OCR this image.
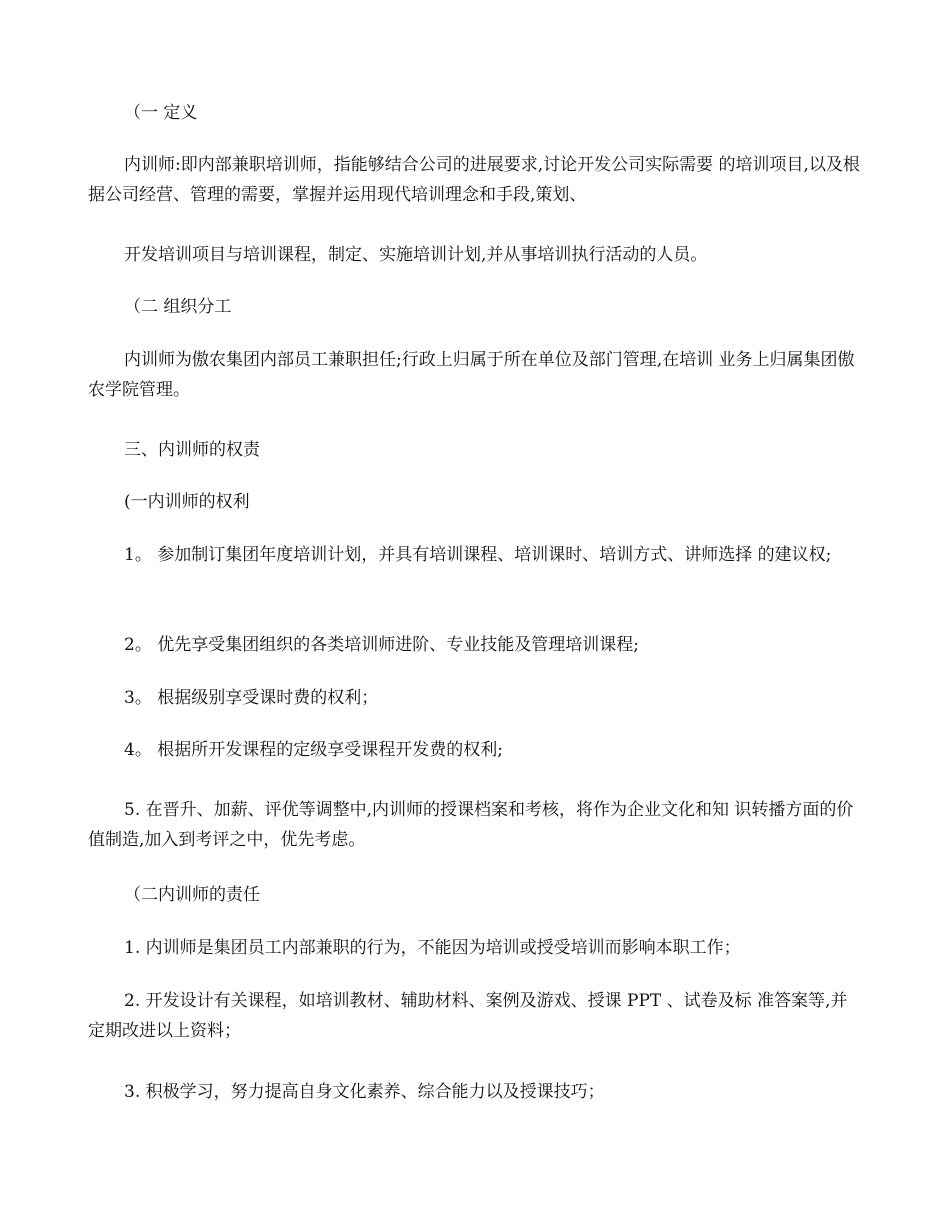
（一 定义

内训师:即内部兼职培训师，指能够结合公司的进展要求,讨论开发公司实际需要 的培训项目,以及根据公司经营、管理的需要，掌握并运用现代培训理念和手段,策划、

开发培训项目与培训课程，制定、实施培训计划,并从事培训执行活动的人员。

（二 组织分工

内训师为傲农集团内部员工兼职担任;行政上归属于所在单位及部门管理,在培训 业务上归属集团傲农学院管理。

三、内训师的权责

(一内训师的权利

1。 参加制订集团年度培训计划，并具有培训课程、培训课时、培训方式、讲师选择 的建议权;

2。 优先享受集团组织的各类培训师进阶、专业技能及管理培训课程;

3。 根据级别享受课时费的权利；

4。 根据所开发课程的定级享受课程开发费的权利;

5. 在晋升、加薪、评优等调整中,内训师的授课档案和考核，将作为企业文化和知 识转播方面的价值制造,加入到考评之中，优先考虑。

（二内训师的责任

1. 内训师是集团员工内部兼职的行为，不能因为培训或授受培训而影响本职工作；

2. 开发设计有关课程，如培训教材、辅助材料、案例及游戏、授课 PPT 、试卷及标 准答案等,并定期改进以上资料；

3. 积极学习，努力提高自身文化素养、综合能力以及授课技巧；
